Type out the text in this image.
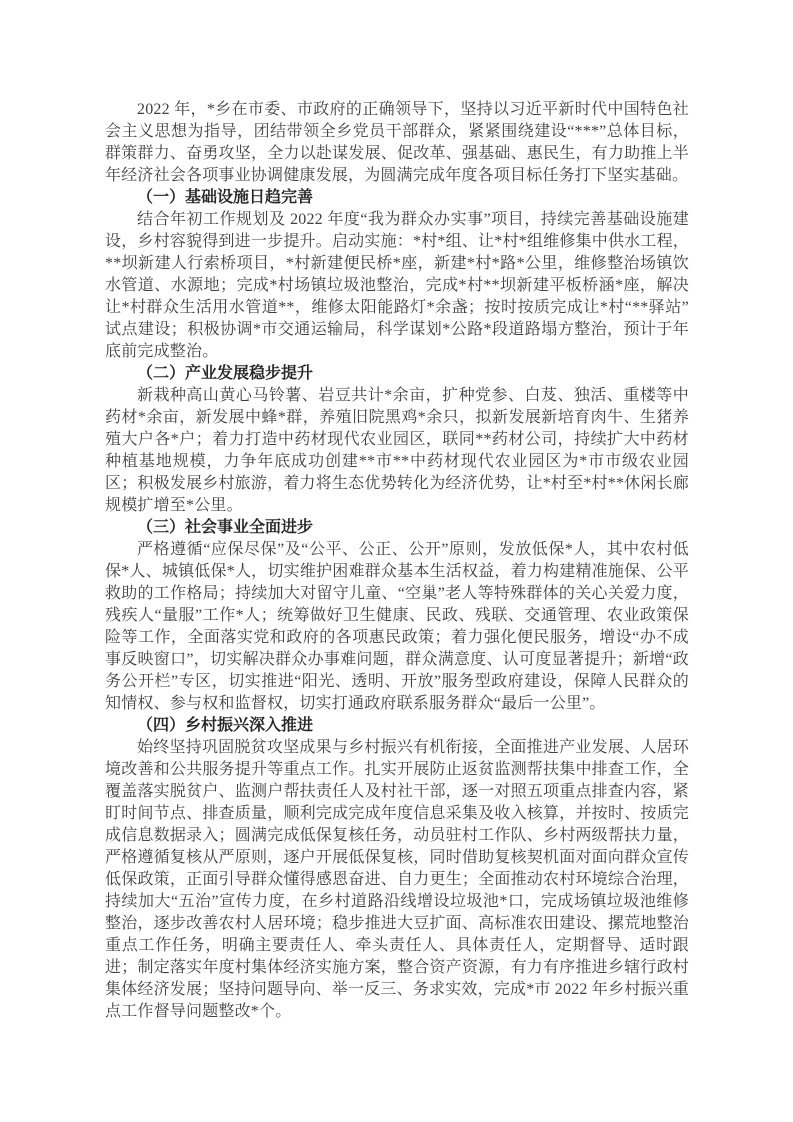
2022 年，*乡在市委、市政府的正确领导下，坚持以习近平新时代中国特色社会主义思想为指导，团结带领全乡党员干部群众，紧紧围绕建设“***”总体目标，群策群力、奋勇攻坚，全力以赴谋发展、促改革、强基础、惠民生，有力助推上半年经济社会各项事业协调健康发展，为圆满完成年度各项目标任务打下坚实基础。

（一）基础设施日趋完善

结合年初工作规划及 2022 年度“我为群众办实事”项目，持续完善基础设施建设，乡村容貌得到进一步提升。启动实施：*村*组、让*村*组维修集中供水工程，**坝新建人行索桥项目，*村新建便民桥*座，新建*村*路*公里，维修整治场镇饮水管道、水源地；完成*村场镇垃圾池整治，完成*村**坝新建平板桥涵*座，解决让*村群众生活用水管道**，维修太阳能路灯*余盏；按时按质完成让*村“**驿站”试点建设；积极协调*市交通运输局，科学谋划*公路*段道路塌方整治，预计于年底前完成整治。

（二）产业发展稳步提升

新栽种高山黄心马铃薯、岩豆共计*余亩，扩种党参、白芨、独活、重楼等中药材*余亩，新发展中蜂*群，养殖旧院黑鸡*余只，拟新发展新培育肉牛、生猪养殖大户各*户；着力打造中药材现代农业园区，联同**药材公司，持续扩大中药材种植基地规模，力争年底成功创建**市**中药材现代农业园区为*市市级农业园区；积极发展乡村旅游，着力将生态优势转化为经济优势，让*村至*村**休闲长廊规模扩增至*公里。

（三）社会事业全面进步

严格遵循“应保尽保”及“公平、公正、公开”原则，发放低保*人，其中农村低保*人、城镇低保*人，切实维护困难群众基本生活权益，着力构建精准施保、公平救助的工作格局；持续加大对留守儿童、“空巢”老人等特殊群体的关心关爱力度，残疾人“量服”工作*人；统筹做好卫生健康、民政、残联、交通管理、农业政策保险等工作，全面落实党和政府的各项惠民政策；着力强化便民服务，增设“办不成事反映窗口”，切实解决群众办事难问题，群众满意度、认可度显著提升；新增“政务公开栏”专区，切实推进“阳光、透明、开放”服务型政府建设，保障人民群众的知情权、参与权和监督权，切实打通政府联系服务群众“最后一公里”。

（四）乡村振兴深入推进

始终坚持巩固脱贫攻坚成果与乡村振兴有机衔接，全面推进产业发展、人居环境改善和公共服务提升等重点工作。扎实开展防止返贫监测帮扶集中排查工作，全覆盖落实脱贫户、监测户帮扶责任人及村社干部，逐一对照五项重点排查内容，紧盯时间节点、排查质量，顺利完成完成年度信息采集及收入核算，并按时、按质完成信息数据录入；圆满完成低保复核任务，动员驻村工作队、乡村两级帮扶力量，严格遵循复核从严原则，逐户开展低保复核，同时借助复核契机面对面向群众宣传低保政策，正面引导群众懂得感恩奋进、自力更生；全面推动农村环境综合治理，持续加大“五治”宣传力度，在乡村道路沿线增设垃圾池*口，完成场镇垃圾池维修整治，逐步改善农村人居环境；稳步推进大豆扩面、高标准农田建设、摞荒地整治重点工作任务，明确主要责任人、牵头责任人、具体责任人，定期督导、适时跟进；制定落实年度村集体经济实施方案，整合资产资源，有力有序推进乡辖行政村集体经济发展；坚持问题导向、举一反三、务求实效，完成*市 2022 年乡村振兴重点工作督导问题整改*个。
